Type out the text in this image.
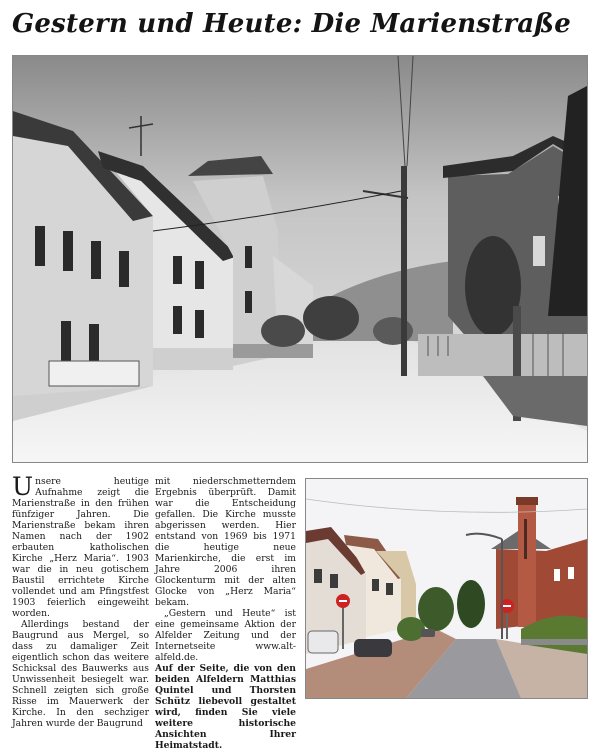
Gestern und Heute: Die Marienstraße

Unsere heutige Aufnahme zeigt die Marienstraße in den frühen fünfziger Jahren. Die Marienstraße bekam ihren Namen nach der 1902 erbauten katholischen Kirche „Herz Maria“. 1903 war die in neu gotischem Baustil errichtete Kirche vollendet und am Pfingstfest 1903 feierlich eingeweiht worden.

Allerdings bestand der Baugrund aus Mergel, so dass zu damaliger Zeit eigentlich schon das weitere Schicksal des Bauwerks aus Unwissenheit besiegelt war. Schnell zeigten sich große Risse im Mauerwerk der Kirche. In den sechziger Jahren wurde der Baugrund

mit niederschmetterndem Ergebnis überprüft. Damit war die Entscheidung gefallen. Die Kirche musste abgerissen werden. Hier entstand von 1969 bis 1971 die heutige neue Marienkirche, die erst im Jahre 2006 ihren Glockenturm mit der alten Glocke von „Herz Maria“ bekam.

„Gestern und Heute“ ist eine gemeinsame Aktion der Alfelder Zeitung und der Internetseite www.alt-alfeld.de.

Auf der Seite, die von den beiden Alfeldern Matthias Quintel und Thorsten Schütz liebevoll gestaltet wird, finden Sie viele weitere historische Ansichten Ihrer Heimatstadt.
